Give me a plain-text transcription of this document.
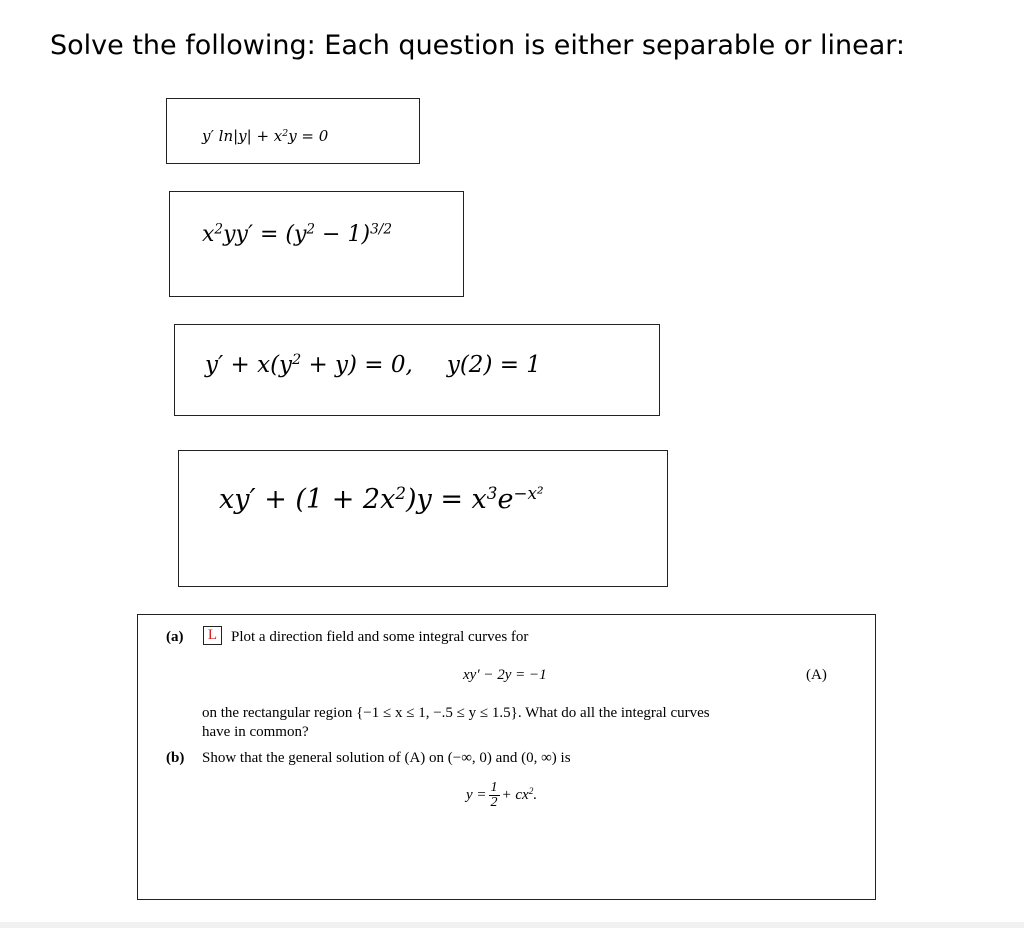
Solve the following: Each question is either separable or linear:
y′ $\ln|y| + x^2y = 0$
$x^2yy' = (y^2 - 1)^{3/2}$
$y' + x(y^2 + y) = 0$, y(2) = 1
$xy' + (1 + 2x^2)y = x^3e^{-x^2}$
(a)	L Plot a direction field and some integral curves for
xy′ − 2y = −1	(A)
on the rectangular region {−1 ≤ x ≤ 1, −.5 ≤ y ≤ 1.5}. What do all the integral curves
have in common?
(b) Show that the general solution of (A) on (−∞, 0) and (0, ∞) is
$y = \frac{1}{2} + cx^2$.
